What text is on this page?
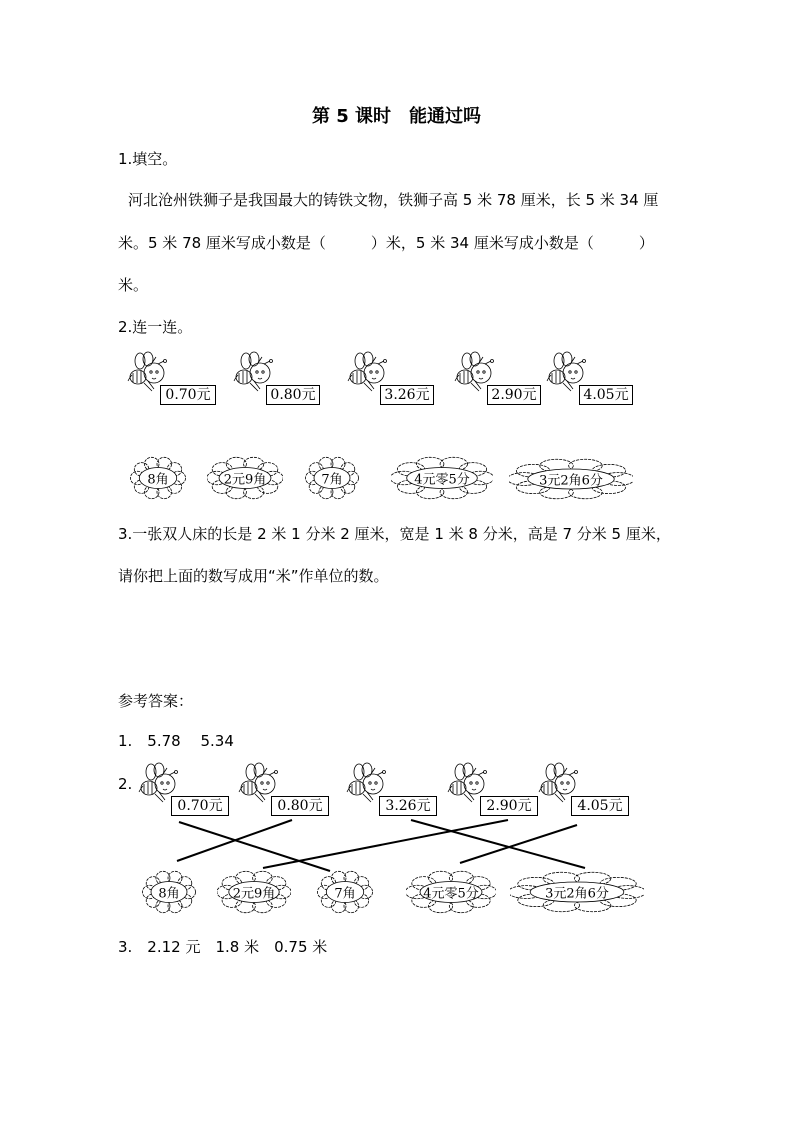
第 5 课时　能通过吗
1.填空。
河北沧州铁狮子是我国最大的铸铁文物，铁狮子高 5 米 78 厘米，长 5 米 34 厘
米。5 米 78 厘米写成小数是（　　　）米，5 米 34 厘米写成小数是（　　　）
米。
2.连一连。
3.一张双人床的长是 2 米 1 分米 2 厘米，宽是 1 米 8 分米，高是 7 分米 5 厘米，
请你把上面的数写成用“米”作单位的数。
参考答案：
1.　5.78　 5.34
2.
3.　2.12 元　1.8 米　0.75 米
0.70元	0.80元	3.26元	2.90元	4.05元
8角	2元9角	7角	4元零5分	3元2角6分
0.70元	0.80元	3.26元	2.90元	4.05元
8角	2元9角	7角	4元零5分	3元2角6分
